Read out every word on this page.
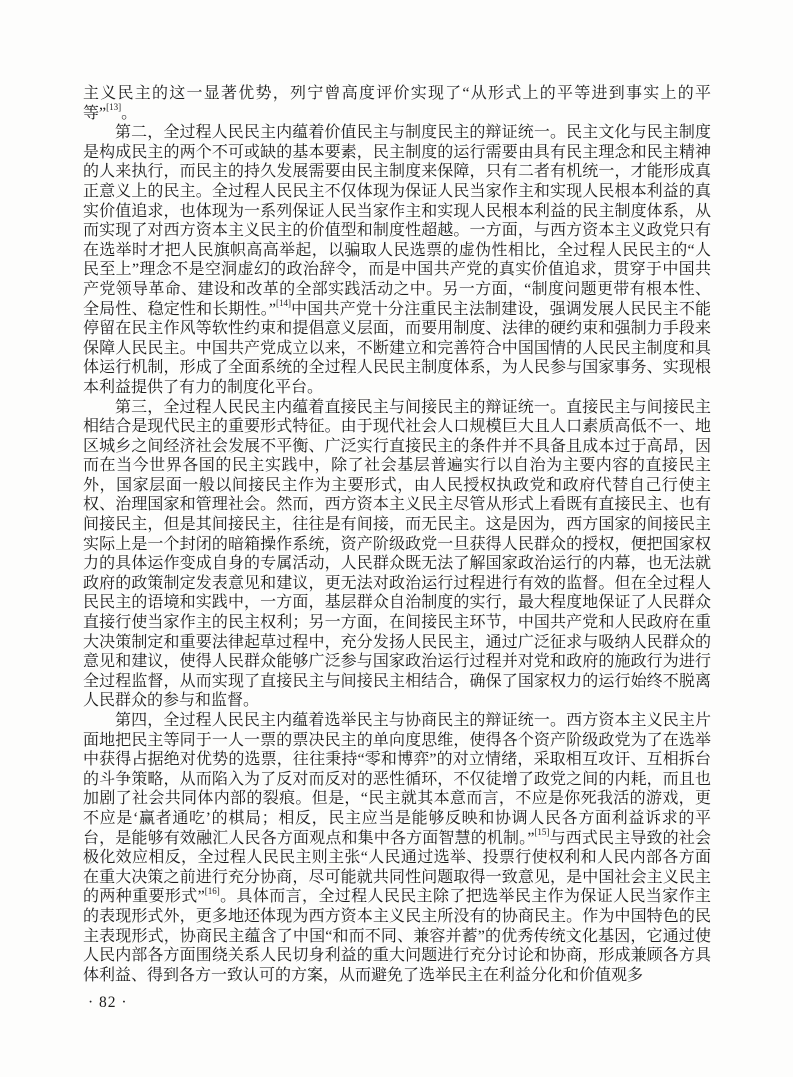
主义民主的这一显著优势，列宁曾高度评价实现了“从形式上的平等进到事实上的平等”[13]。

第二，全过程人民民主内蕴着价值民主与制度民主的辩证统一。民主文化与民主制度是构成民主的两个不可或缺的基本要素，民主制度的运行需要由具有民主理念和民主精神的人来执行，而民主的持久发展需要由民主制度来保障，只有二者有机统一，才能形成真正意义上的民主。全过程人民民主不仅体现为保证人民当家作主和实现人民根本利益的真实价值追求，也体现为一系列保证人民当家作主和实现人民根本利益的民主制度体系，从而实现了对西方资本主义民主的价值型和制度性超越。一方面，与西方资本主义政党只有在选举时才把人民旗帜高高举起，以骗取人民选票的虚伪性相比，全过程人民民主的“人民至上”理念不是空洞虚幻的政治辞令，而是中国共产党的真实价值追求，贯穿于中国共产党领导革命、建设和改革的全部实践活动之中。另一方面，“制度问题更带有根本性、全局性、稳定性和长期性。”[14]中国共产党十分注重民主法制建设，强调发展人民民主不能停留在民主作风等软性约束和提倡意义层面，而要用制度、法律的硬约束和强制力手段来保障人民民主。中国共产党成立以来，不断建立和完善符合中国国情的人民民主制度和具体运行机制，形成了全面系统的全过程人民民主制度体系，为人民参与国家事务、实现根本利益提供了有力的制度化平台。

第三，全过程人民民主内蕴着直接民主与间接民主的辩证统一。直接民主与间接民主相结合是现代民主的重要形式特征。由于现代社会人口规模巨大且人口素质高低不一、地区城乡之间经济社会发展不平衡、广泛实行直接民主的条件并不具备且成本过于高昂，因而在当今世界各国的民主实践中，除了社会基层普遍实行以自治为主要内容的直接民主外，国家层面一般以间接民主作为主要形式，由人民授权执政党和政府代替自己行使主权、治理国家和管理社会。然而，西方资本主义民主尽管从形式上看既有直接民主、也有间接民主，但是其间接民主，往往是有间接，而无民主。这是因为，西方国家的间接民主实际上是一个封闭的暗箱操作系统，资产阶级政党一旦获得人民群众的授权，便把国家权力的具体运作变成自身的专属活动，人民群众既无法了解国家政治运行的内幕，也无法就政府的政策制定发表意见和建议，更无法对政治运行过程进行有效的监督。但在全过程人民民主的语境和实践中，一方面，基层群众自治制度的实行，最大程度地保证了人民群众直接行使当家作主的民主权利；另一方面，在间接民主环节，中国共产党和人民政府在重大决策制定和重要法律起草过程中，充分发扬人民民主，通过广泛征求与吸纳人民群众的意见和建议，使得人民群众能够广泛参与国家政治运行过程并对党和政府的施政行为进行全过程监督，从而实现了直接民主与间接民主相结合，确保了国家权力的运行始终不脱离人民群众的参与和监督。

第四，全过程人民民主内蕴着选举民主与协商民主的辩证统一。西方资本主义民主片面地把民主等同于一人一票的票决民主的单向度思维，使得各个资产阶级政党为了在选举中获得占据绝对优势的选票，往往秉持“零和博弈”的对立情绪，采取相互攻讦、互相拆台的斗争策略，从而陷入为了反对而反对的恶性循环，不仅徒增了政党之间的内耗，而且也加剧了社会共同体内部的裂痕。但是，“民主就其本意而言，不应是你死我活的游戏，更不应是‘赢者通吃’的棋局；相反，民主应当是能够反映和协调人民各方面利益诉求的平台，是能够有效融汇人民各方面观点和集中各方面智慧的机制。”[15]与西式民主导致的社会极化效应相反，全过程人民民主则主张“人民通过选举、投票行使权利和人民内部各方面在重大决策之前进行充分协商，尽可能就共同性问题取得一致意见，是中国社会主义民主的两种重要形式”[16]。具体而言，全过程人民民主除了把选举民主作为保证人民当家作主的表现形式外，更多地还体现为西方资本主义民主所没有的协商民主。作为中国特色的民主表现形式，协商民主蕴含了中国“和而不同、兼容并蓄”的优秀传统文化基因，它通过使人民内部各方面围绕关系人民切身利益的重大问题进行充分讨论和协商，形成兼顾各方具体利益、得到各方一致认可的方案，从而避免了选举民主在利益分化和价值观多

· 82 ·
